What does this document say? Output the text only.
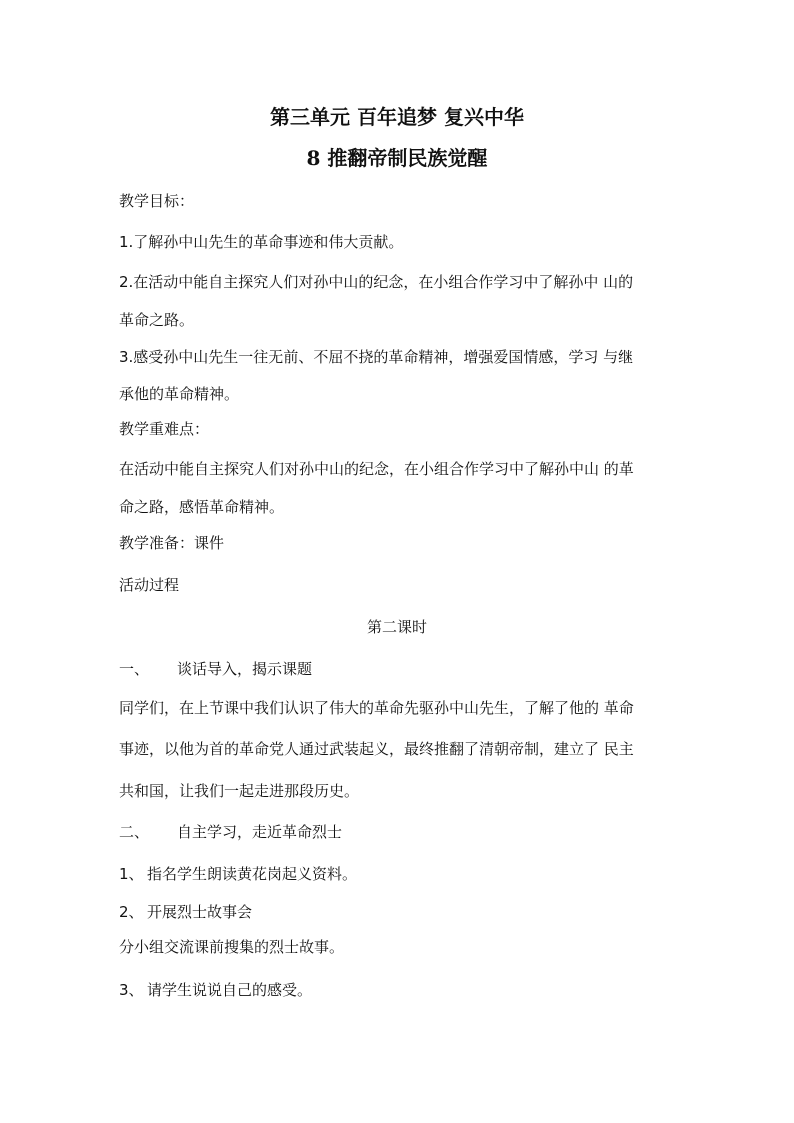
第三单元 百年追梦 复兴中华
8 推翻帝制民族觉醒

教学目标：

1.了解孙中山先生的革命事迹和伟大贡献。

2.在活动中能自主探究人们对孙中山的纪念，在小组合作学习中了解孙中 山的

革命之路。

3.感受孙中山先生一往无前、不屈不挠的革命精神，增强爱国情感，学习 与继

承他的革命精神。

教学重难点：

在活动中能自主探究人们对孙中山的纪念，在小组合作学习中了解孙中山 的革

命之路，感悟革命精神。

教学准备：课件

活动过程

第二课时

一、 谈话导入，揭示课题

同学们，在上节课中我们认识了伟大的革命先驱孙中山先生，了解了他的 革命

事迹，以他为首的革命党人通过武装起义，最终推翻了清朝帝制，建立了 民主

共和国，让我们一起走进那段历史。

二、 自主学习，走近革命烈士

1、 指名学生朗读黄花岗起义资料。

2、 开展烈士故事会

分小组交流课前搜集的烈士故事。

3、 请学生说说自己的感受。
